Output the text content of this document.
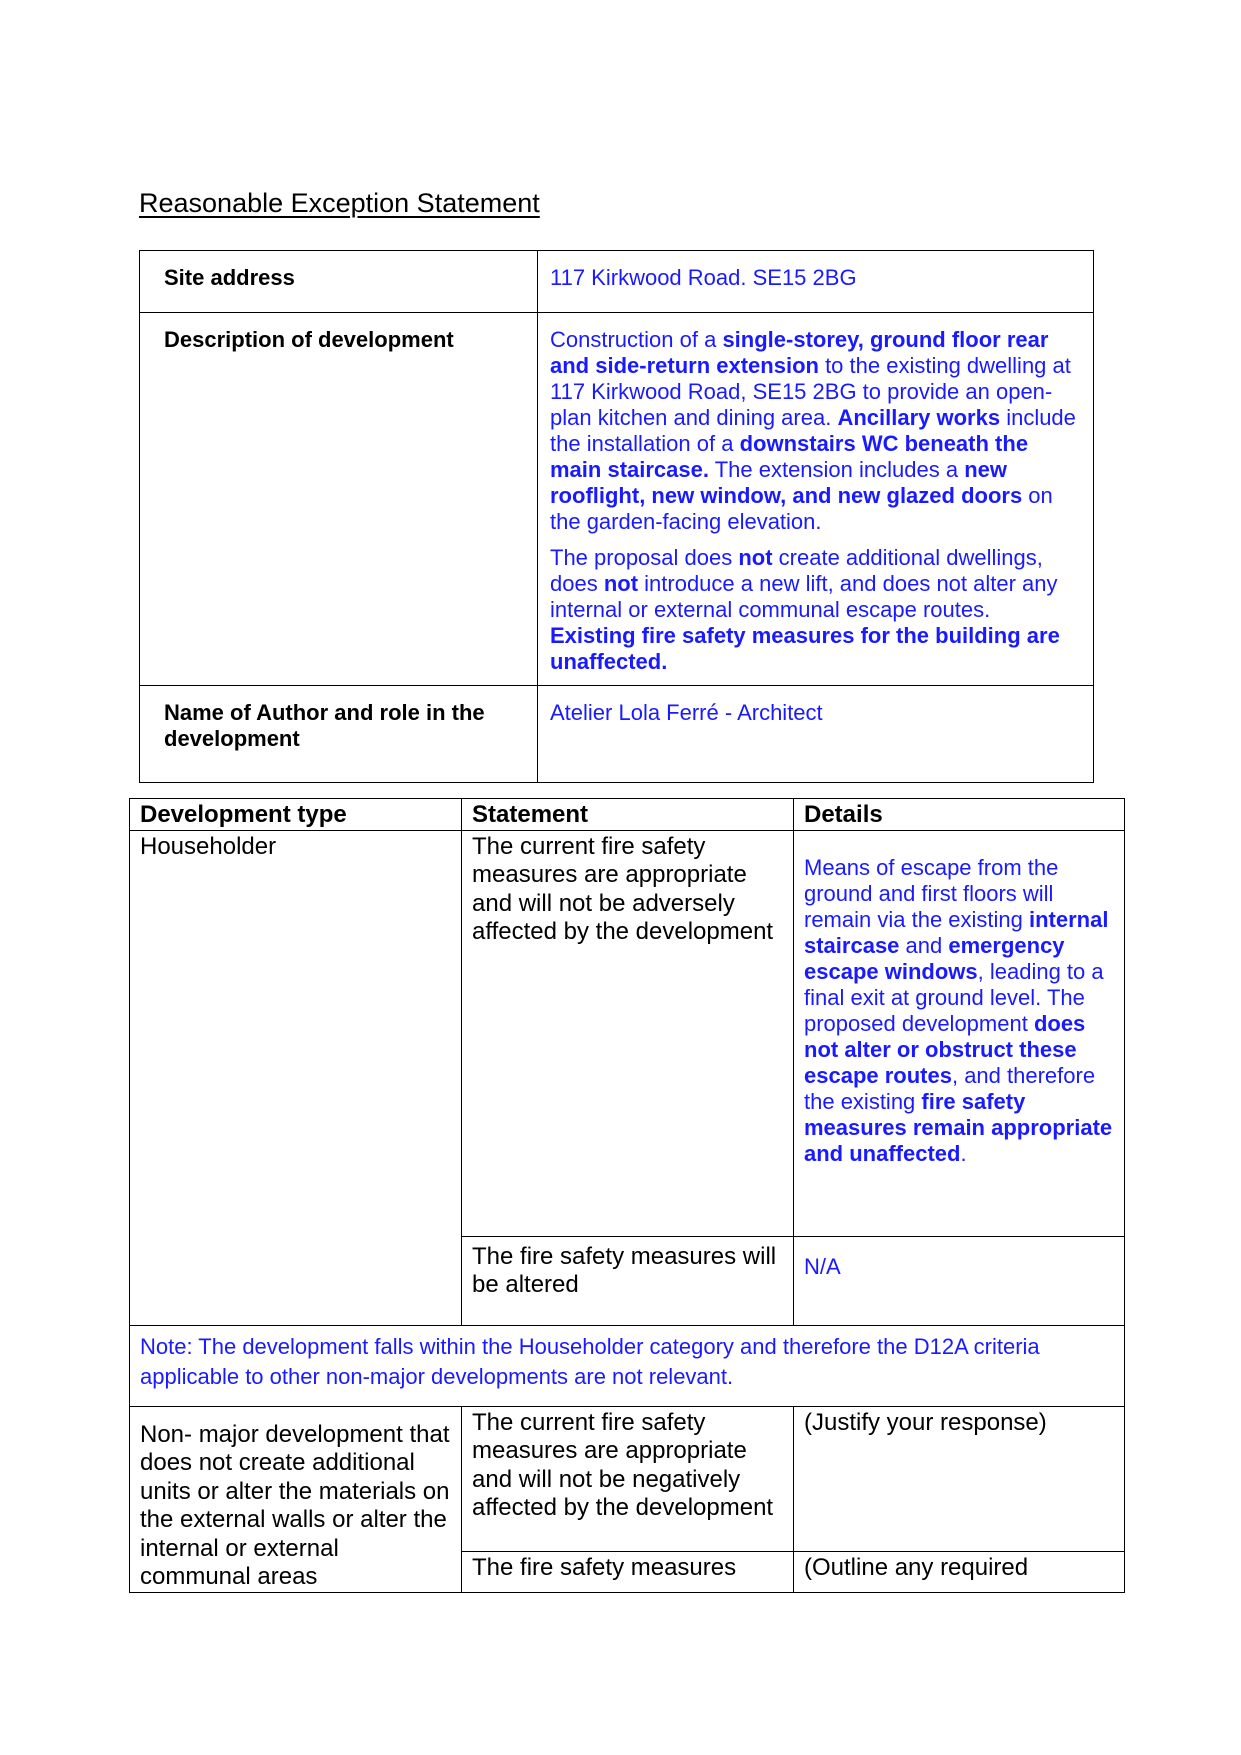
Reasonable Exception Statement
Site address	117 Kirkwood Road. SE15 2BG
Description of development	Construction of a single-storey, ground floor rear and side-return extension to the existing dwelling at 117 Kirkwood Road, SE15 2BG to provide an open-plan kitchen and dining area. Ancillary works include the installation of a downstairs WC beneath the main staircase. The extension includes a new rooflight, new window, and new glazed doors on the garden-facing elevation.

The proposal does not create additional dwellings, does not introduce a new lift, and does not alter any internal or external communal escape routes. Existing fire safety measures for the building are unaffected.

Name of Author and role in the development	Atelier Lola Ferré - Architect
Development type	Statement	Details
Householder	The current fire safety measures are appropriate and will not be adversely affected by the development	Means of escape from the ground and first floors will remain via the existing internal staircase and emergency escape windows, leading to a final exit at ground level. The proposed development does not alter or obstruct these escape routes, and therefore the existing fire safety measures remain appropriate and unaffected.
	The fire safety measures will be altered	N/A

Note: The development falls within the Householder category and therefore the D12A criteria applicable to other non-major developments are not relevant.		
Non- major development that does not create additional units or alter the materials on the external walls or alter the internal or external communal areas	The current fire safety measures are appropriate and will not be negatively affected by the development	(Justify your response)
	The fire safety measures	(Outline any required
